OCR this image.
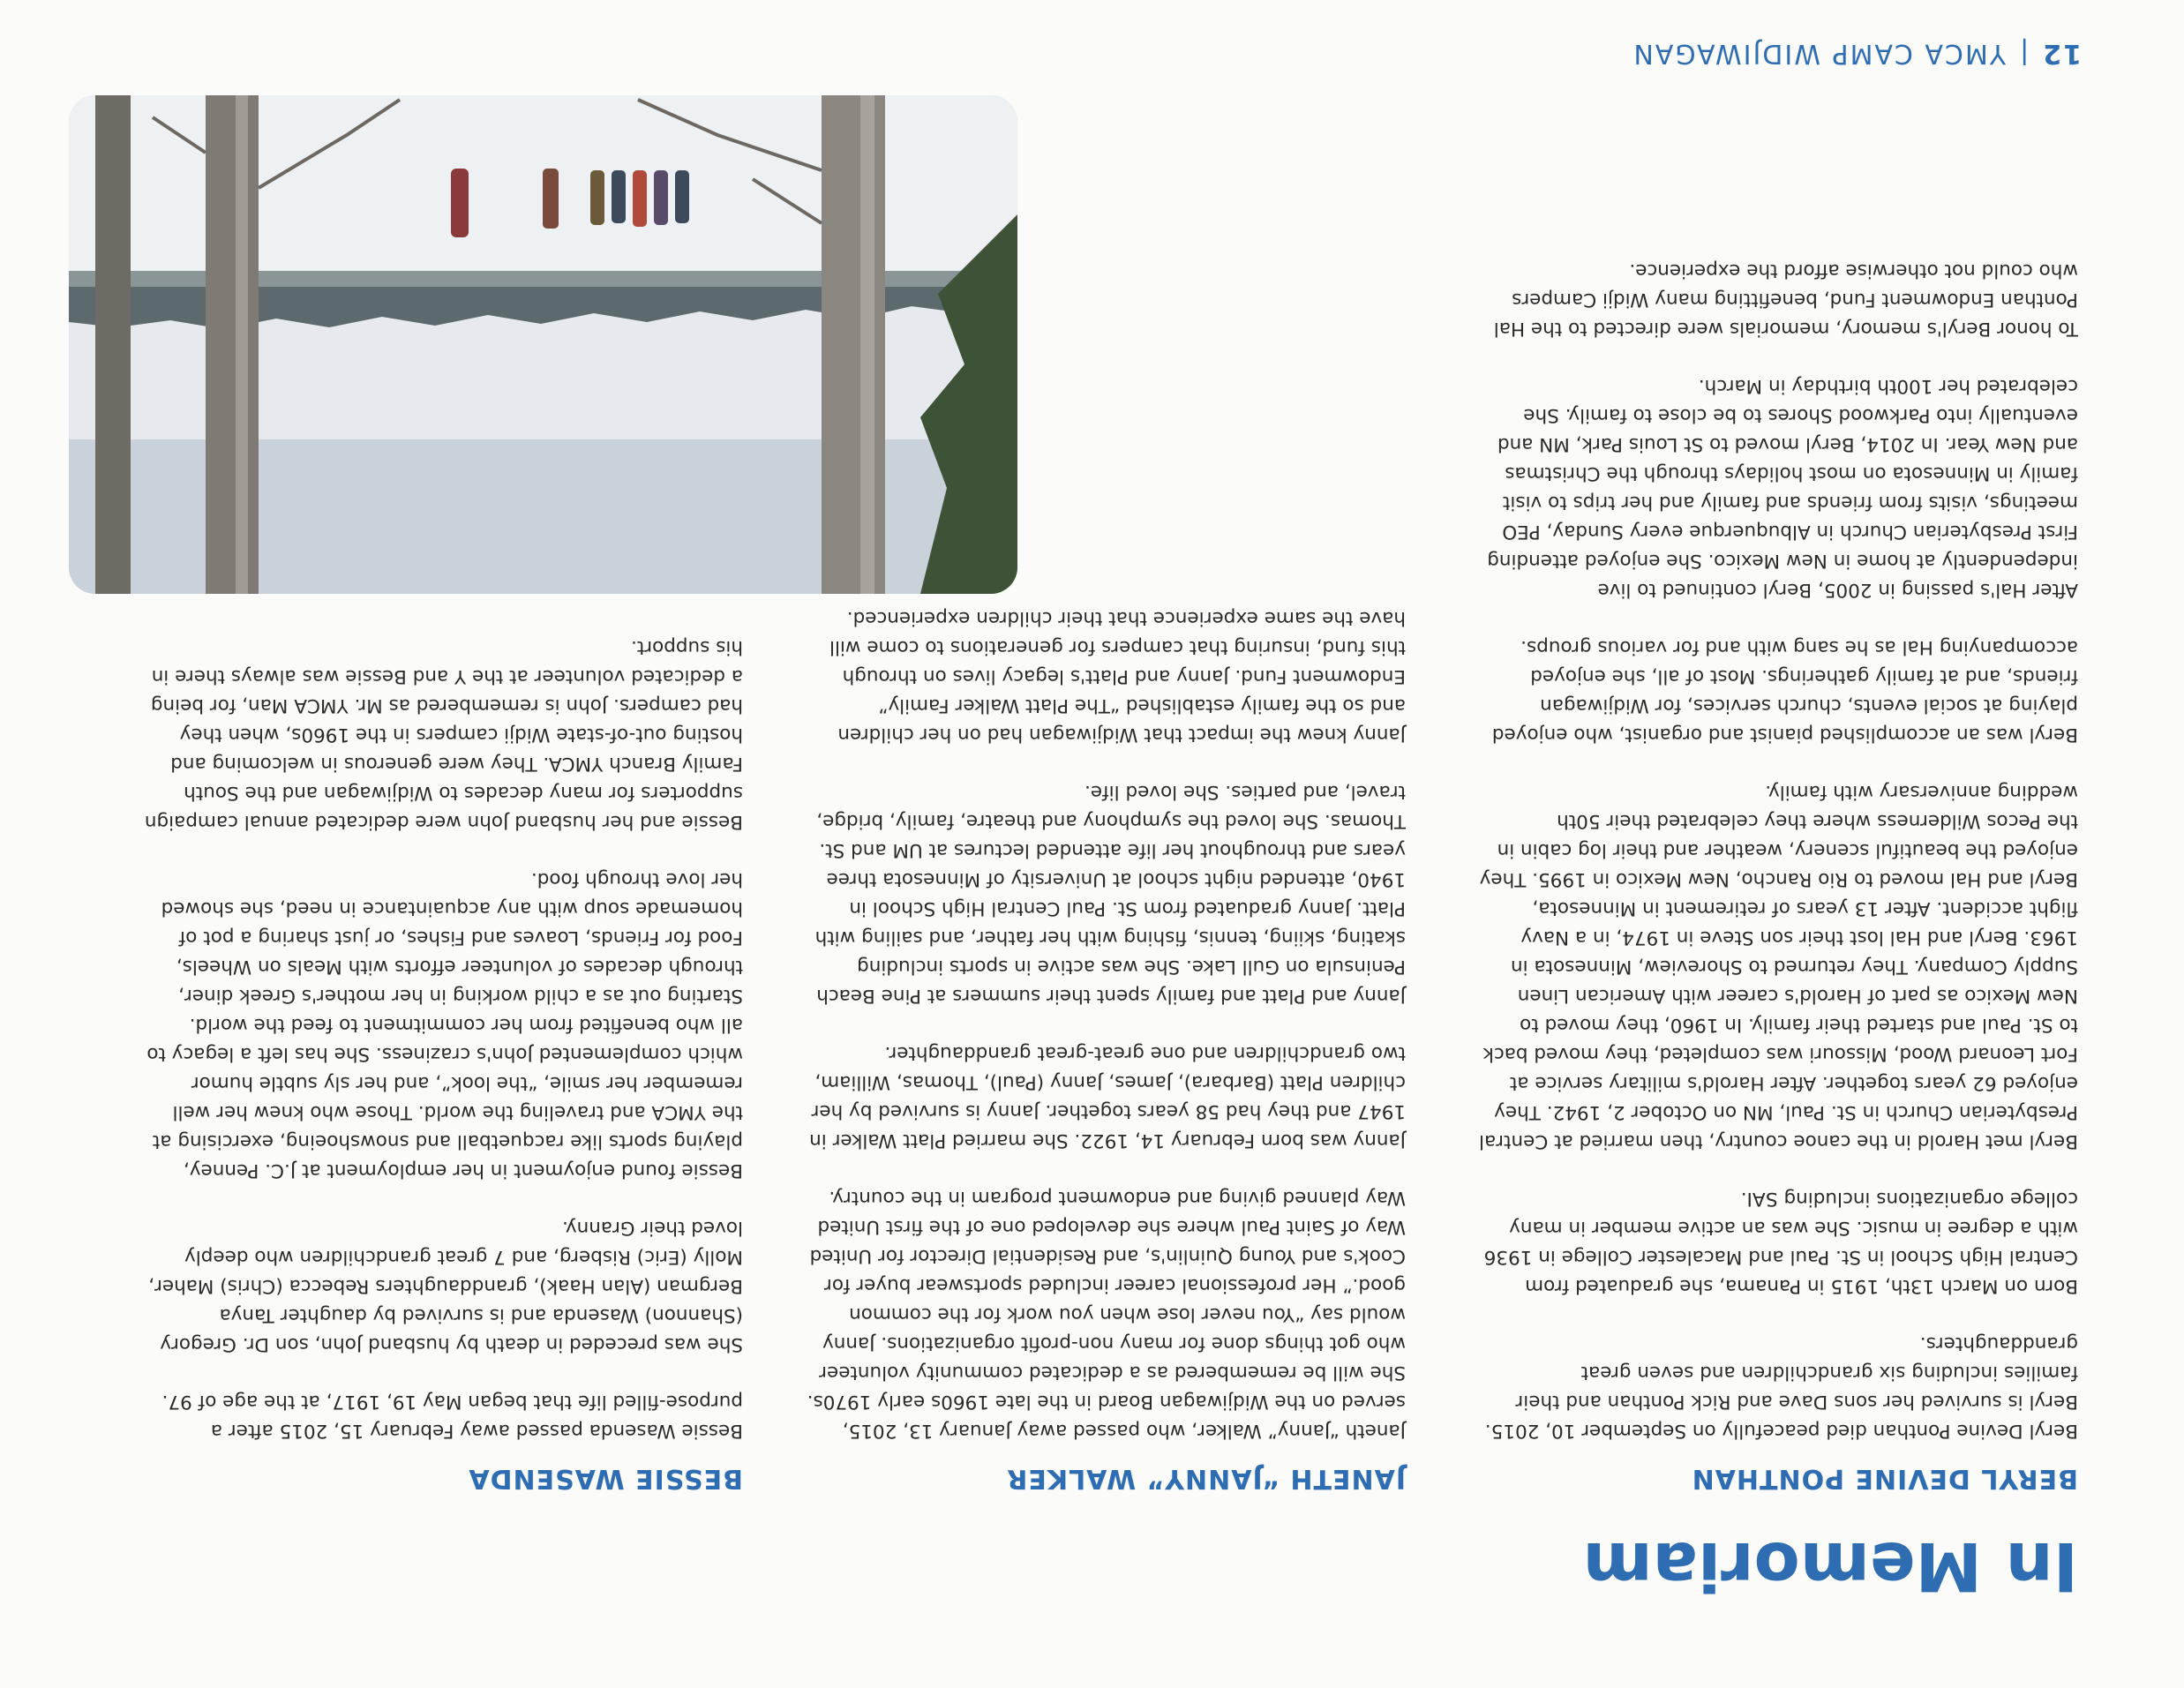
12|YMCA CAMP WIDJIWAGAN
In Memoriam
BERYL DEVINE PONTHAN

Beryl Devine Ponthan died peacefully on September 10, 2015. Beryl is survived her sons Dave and Rick Ponthan and their families including six grandchildren and seven great granddaughters.

Born on March 13th, 1915 in Panama, she graduated from Central High School in St. Paul and Macalester College in 1936 with a degree in music. She was an active member in many college organizations including SAI.

Beryl met Harold in the canoe country, then married at Central Presbyterian Church in St. Paul, MN on October 2, 1942. They enjoyed 62 years together. After Harold's military service at Fort Leonard Wood, Missouri was completed, they moved back to St. Paul and started their family. In 1960, they moved to New Mexico as part of Harold's career with American Linen Supply Company. They returned to Shoreview, Minnesota in 1963. Beryl and Hal lost their son Steve in 1974, in a Navy flight accident. After 13 years of retirement in Minnesota, Beryl and Hal moved to Rio Rancho, New Mexico in 1995. They enjoyed the beautiful scenery, weather and their log cabin in the Pecos Wilderness where they celebrated their 50th wedding anniversary with family.

Beryl was an accomplished pianist and organist, who enjoyed playing at social events, church services, for Widjiwagan friends, and at family gatherings. Most of all, she enjoyed accompanying Hal as he sang with and for various groups.

After Hal's passing in 2005, Beryl continued to live independently at home in New Mexico. She enjoyed attending First Presbyterian Church in Albuquerque every Sunday, PEO meetings, visits from friends and family and her trips to visit family in Minnesota on most holidays through the Christmas and New Year. In 2014, Beryl moved to St Louis Park, MN and eventually into Parkwood Shores to be close to family. She celebrated her 100th birthday in March.

To honor Beryl's memory, memorials were directed to the Hal Ponthan Endowment Fund, benefitting many Widji Campers who could not otherwise afford the experience.

JANETH “JANNY” WALKER

Janeth “Janny” Walker, who passed away January 13, 2015, served on the Widjiwagan Board in the late 1960s early 1970s. She will be remembered as a dedicated community volunteer who got things done for many non-profit organizations. Janny would say “You never lose when you work for the common good.” Her professional career included sportswear buyer for Cook's and Young Quinlin's, and Residential Director for United Way of Saint Paul where she developed one of the first United Way planned giving and endowment program in the country.

Janny was born February 14, 1922. She married Platt Walker in 1947 and they had 58 years together. Janny is survived by her children Platt (Barbara), James, Janny (Paul), Thomas, William, two grandchildren and one great-great granddaughter.

Janny and Platt and family spent their summers at Pine Beach Peninsula on Gull Lake. She was active in sports including skating, skiing, tennis, fishing with her father, and sailing with Platt. Janny graduated from St. Paul Central High School in 1940, attended night school at University of Minnesota three years and throughout her life attended lectures at UM and St. Thomas. She loved the symphony and theatre, family, bridge, travel, and parties. She loved life.

Janny knew the impact that Widjiwagan had on her children and so the family established “The Platt Walker Family” Endowment Fund. Janny and Platt's legacy lives on through this fund, insuring that campers for generations to come will have the same experience that their children experienced.

BESSIE WASENDA

Bessie Wasenda passed away February 15, 2015 after a purpose-filled life that began May 19, 1917, at the age of 97.

She was preceded in death by husband John, son Dr. Gregory (Shannon) Wasenda and is survived by daughter Tanya Bergman (Alan Haak), granddaughters Rebecca (Chris) Maher, Molly (Eric) Risberg, and 7 great grandchildren who deeply loved their Granny.

Bessie found enjoyment in her employment at J.C. Penney, playing sports like racquetball and snowshoeing, exercising at the YMCA and traveling the world. Those who knew her well remember her smile, “the look”, and her sly subtle humor which complemented John's craziness. She has left a legacy to all who benefited from her commitment to feed the world. Starting out as a child working in her mother's Greek diner, through decades of volunteer efforts with Meals on Wheels, Food for Friends, Loaves and Fishes, or just sharing a pot of homemade soup with any acquaintance in need, she showed her love through food.

Bessie and her husband John were dedicated annual campaign supporters for many decades to Widjiwagan and the South Family Branch YMCA. They were generous in welcoming and hosting out-of-state Widji campers in the 1960s, when they had campers. John is remembered as Mr. YMCA Man, for being a dedicated volunteer at the Y and Bessie was always there in his support.
